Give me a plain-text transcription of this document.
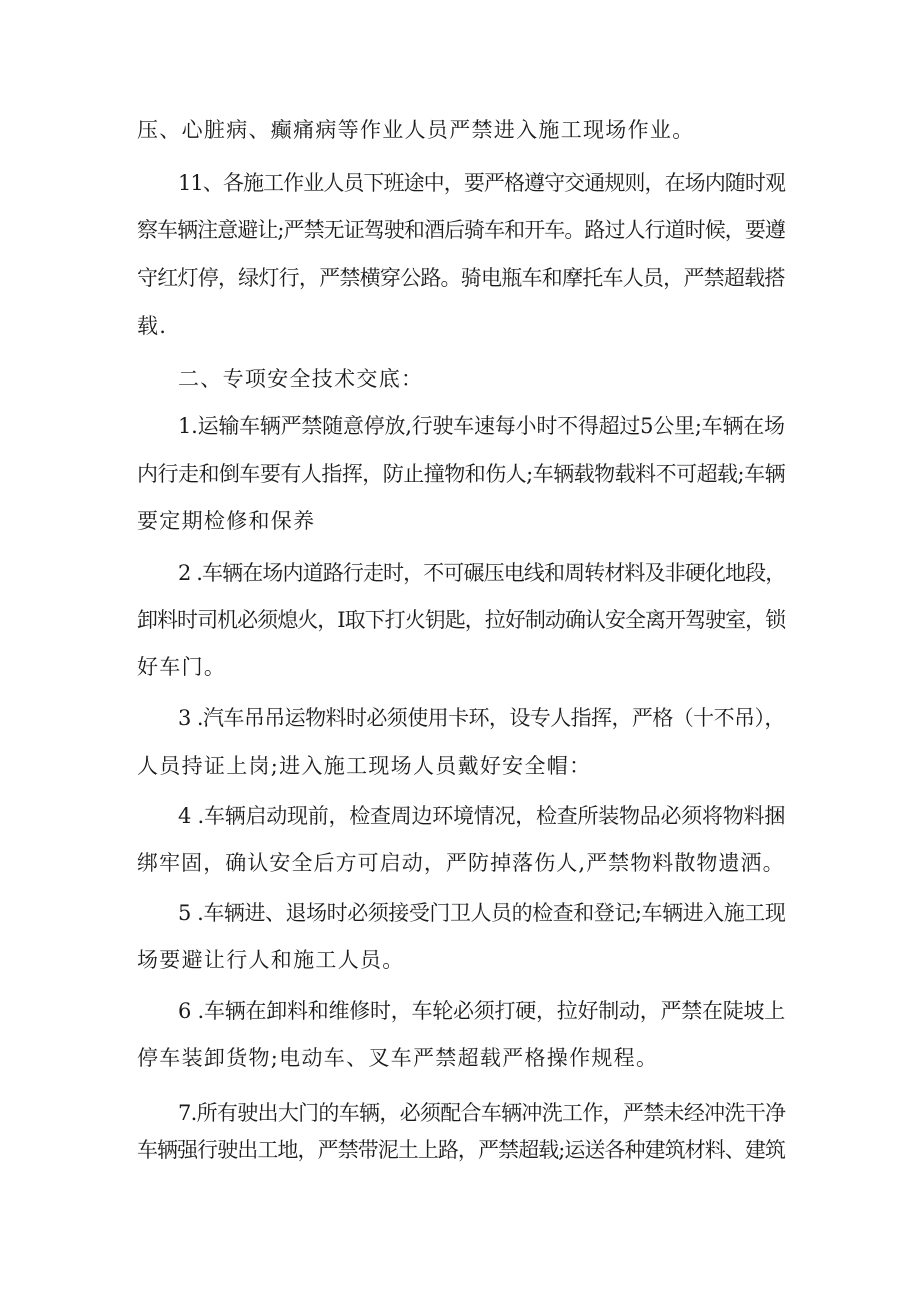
压、心脏病、癫痛病等作业人员严禁进入施工现场作业。
11、各施工作业人员下班途中，要严格遵守交通规则，在场内随时观
察车辆注意避让;严禁无证驾驶和酒后骑车和开车。路过人行道时候，要遵
守红灯停，绿灯行，严禁横穿公路。骑电瓶车和摩托车人员，严禁超载搭
载.
二、专项安全技术交底：
1.运输车辆严禁随意停放,行驶车速每小时不得超过5公里;车辆在场
内行走和倒车要有人指挥，防止撞物和伤人;车辆载物载料不可超载;车辆
要定期检修和保养
2 .车辆在场内道路行走时，不可碾压电线和周转材料及非硬化地段，
卸料时司机必须熄火，I取下打火钥匙，拉好制动确认安全离开驾驶室，锁
好车门。
3 .汽车吊吊运物料时必须使用卡环，设专人指挥，严格（十不吊），
人员持证上岗;进入施工现场人员戴好安全帽：
4 .车辆启动现前，检查周边环境情况，检查所装物品必须将物料捆
绑牢固，确认安全后方可启动，严防掉落伤人,严禁物料散物遗洒。
5 .车辆进、退场时必须接受门卫人员的检查和登记;车辆进入施工现
场要避让行人和施工人员。
6 .车辆在卸料和维修时，车轮必须打硬，拉好制动，严禁在陡坡上
停车装卸货物;电动车、叉车严禁超载严格操作规程。
7.所有驶出大门的车辆，必须配合车辆冲洗工作，严禁未经冲洗干净
车辆强行驶出工地，严禁带泥土上路，严禁超载;运送各种建筑材料、建筑
